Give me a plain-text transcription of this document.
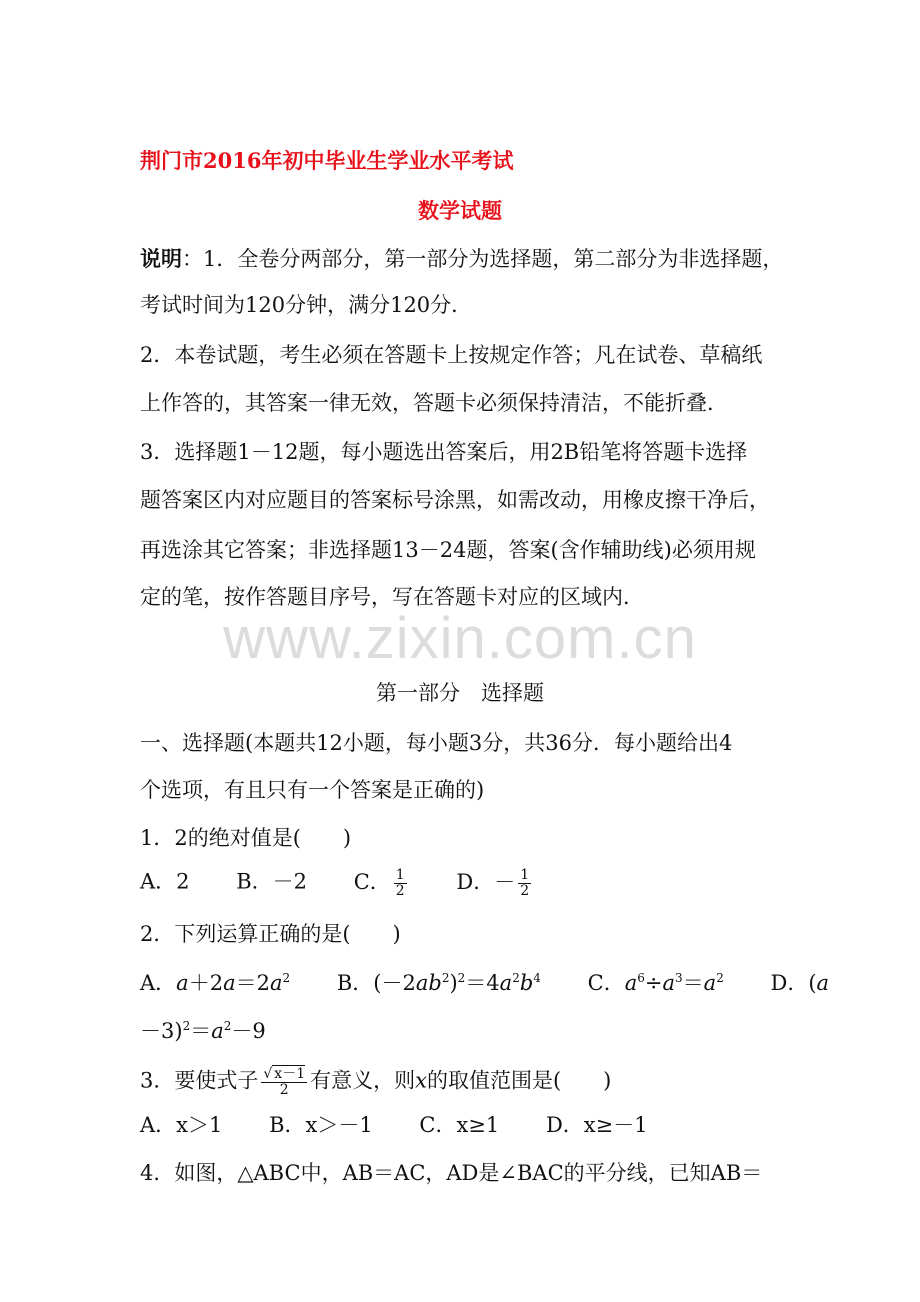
荆门市2016年初中毕业生学业水平考试
数学试题
说明：1．全卷分两部分，第一部分为选择题，第二部分为非选择题，
考试时间为120分钟，满分120分．
2．本卷试题，考生必须在答题卡上按规定作答；凡在试卷、草稿纸
上作答的，其答案一律无效，答题卡必须保持清洁，不能折叠．
3．选择题1－12题，每小题选出答案后，用2B铅笔将答题卡选择
题答案区内对应题目的答案标号涂黑，如需改动，用橡皮擦干净后，
再选涂其它答案；非选择题13－24题，答案(含作辅助线)必须用规
定的笔，按作答题目序号，写在答题卡对应的区域内．
www.zixin.com.cn
第一部分　选择题
一、选择题(本题共12小题，每小题3分，共36分．每小题给出4
个选项，有且只有一个答案是正确的)
1．2的绝对值是(　　)
A．2 B．－2 C． $\frac{1}{2}$ D．－ $\frac{1}{2}$
2．下列运算正确的是(　　)
A．$a+2a=2a^2$ B．$(-2ab^2)^2=4a^2b^4$ C．$a^6\div a^3=a^2$ D．(a
$-3)^2=a^2-9$
3．要使式子 $\frac{√ x-1}{2}$ 有意义，则x的取值范围是(　　)
A．x＞1 B．x＞－1 C．x≥1 D．x≥－1
4．如图，△ABC中，AB＝AC，AD是∠BAC的平分线，已知AB＝
